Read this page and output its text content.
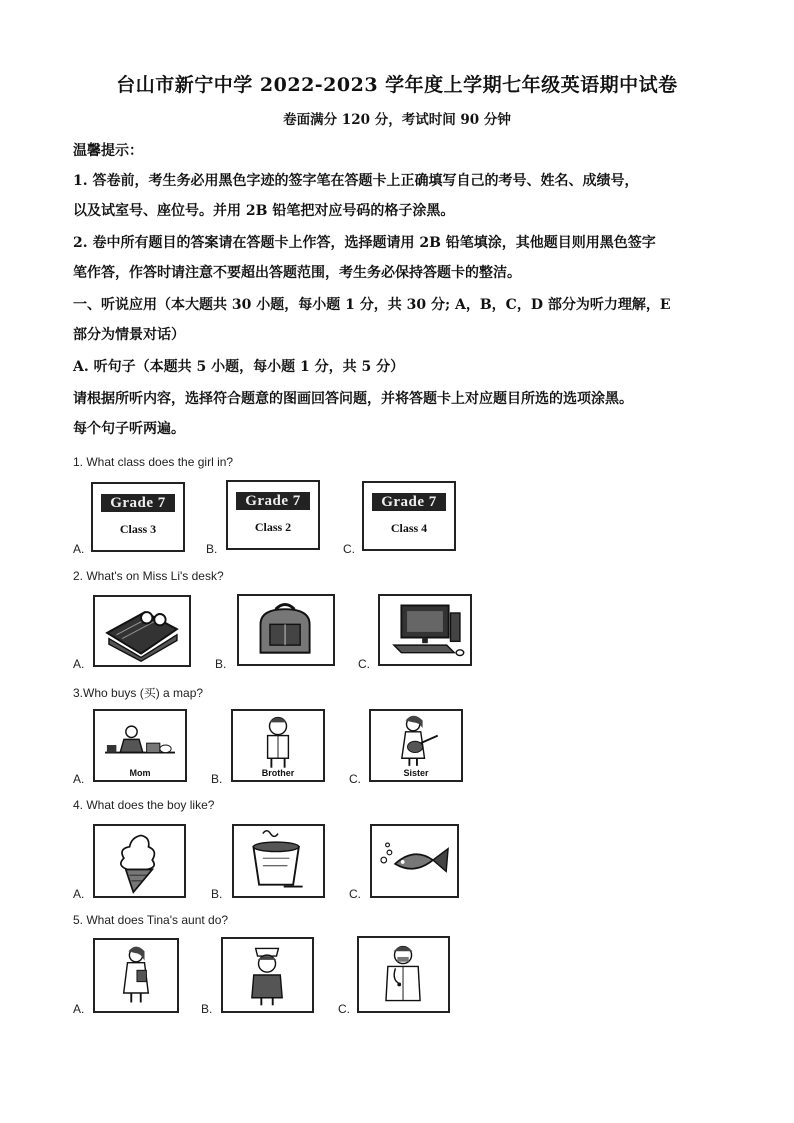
台山市新宁中学 2022-2023 学年度上学期七年级英语期中试卷
卷面满分 120 分，考试时间 90 分钟
温馨提示：
1. 答卷前，考生务必用黑色字迹的签字笔在答题卡上正确填写自己的考号、姓名、成绩号，
以及试室号、座位号。并用 2B 铅笔把对应号码的格子涂黑。
2. 卷中所有题目的答案请在答题卡上作答，选择题请用 2B 铅笔填涂，其他题目则用黑色签字
笔作答，作答时请注意不要超出答题范围，考生务必保持答题卡的整洁。
一、听说应用（本大题共 30 小题，每小题 1 分，共 30 分; A，B，C，D 部分为听力理解，E
部分为情景对话）
A. 听句子（本题共 5 小题，每小题 1 分，共 5 分）
请根据所听内容，选择符合题意的图画回答问题，并将答题卡上对应题目所选的选项涂黑。
每个句子听两遍。
1. What class does the girl in?
Grade 7
Class 3
A.
Grade 7
Class 2
B.
Grade 7
Class 4
C.
2. What's on Miss Li's desk?
A.	B.	C.
3.Who buys (买) a map?
Mom
A.	Brother
B.	Sister
C.
4. What does the boy like?
A.	B.	C.
5. What does Tina's aunt do?
A.	B.	C.
